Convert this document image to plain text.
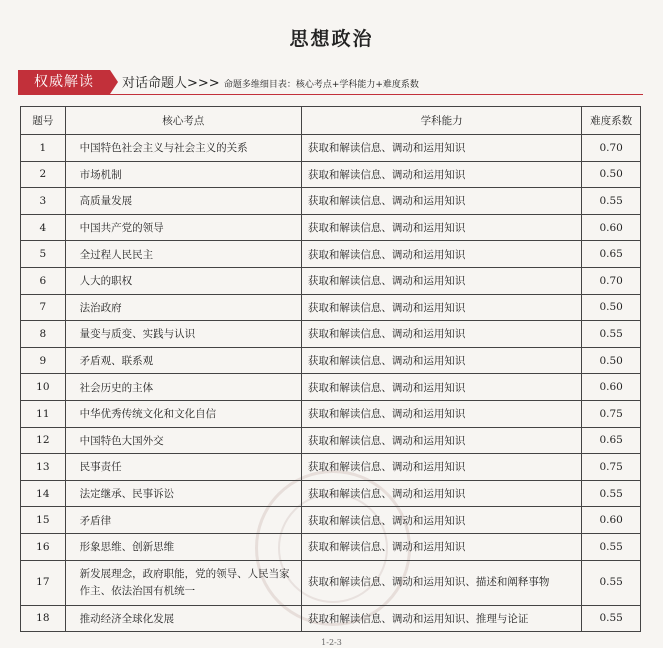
思想政治
权威解读	对话命题人>>> 命题多维细目表：核心考点+学科能力+难度系数
题号	核心考点	学科能力	难度系数
1	中国特色社会主义与社会主义的关系	获取和解读信息、调动和运用知识	0.70
2	市场机制	获取和解读信息、调动和运用知识	0.50
3	高质量发展	获取和解读信息、调动和运用知识	0.55
4	中国共产党的领导	获取和解读信息、调动和运用知识	0.60
5	全过程人民民主	获取和解读信息、调动和运用知识	0.65
6	人大的职权	获取和解读信息、调动和运用知识	0.70
7	法治政府	获取和解读信息、调动和运用知识	0.50
8	量变与质变、实践与认识	获取和解读信息、调动和运用知识	0.55
9	矛盾观、联系观	获取和解读信息、调动和运用知识	0.50
10	社会历史的主体	获取和解读信息、调动和运用知识	0.60
11	中华优秀传统文化和文化自信	获取和解读信息、调动和运用知识	0.75
12	中国特色大国外交	获取和解读信息、调动和运用知识	0.65
13	民事责任	获取和解读信息、调动和运用知识	0.75
14	法定继承、民事诉讼	获取和解读信息、调动和运用知识	0.55
15	矛盾律	获取和解读信息、调动和运用知识	0.60
16	形象思维、创新思维	获取和解读信息、调动和运用知识	0.55
17	新发展理念，政府职能，党的领导、人民当家
作主、依法治国有机统一	获取和解读信息、调动和运用知识、描述和阐释事物	0.55
18	推动经济全球化发展	获取和解读信息、调动和运用知识、推理与论证	0.55
1-2-3
